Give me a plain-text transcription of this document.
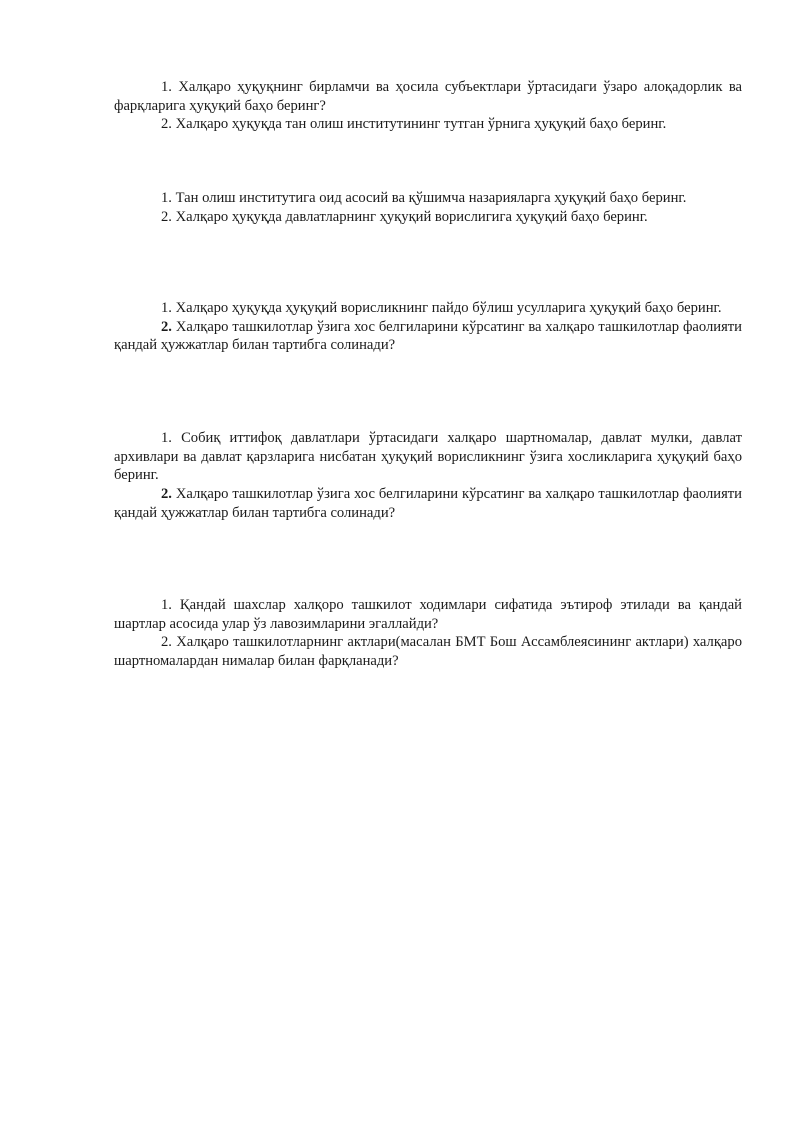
1. Халқаро ҳуқуқнинг бирламчи ва ҳосила субъектлари ўртасидаги ўзаро алоқадорлик ва фарқларига ҳуқуқий баҳо беринг?

2. Халқаро ҳуқуқда тан олиш институтининг тутган ўрнига ҳуқуқий баҳо беринг.

1. Тан олиш институтига оид асосий ва қўшимча назарияларга ҳуқуқий баҳо беринг.

2. Халқаро ҳуқуқда давлатларнинг ҳуқуқий ворислигига ҳуқуқий баҳо беринг.

1. Халқаро ҳуқуқда ҳуқуқий ворисликнинг пайдо бўлиш усулларига ҳуқуқий баҳо беринг.

2. Халқаро ташкилотлар ўзига хос белгиларини кўрсатинг ва халқаро ташкилотлар фаолияти қандай ҳужжатлар билан тартибга солинади?

1. Собиқ иттифоқ давлатлари ўртасидаги халқаро шартномалар, давлат мулки, давлат архивлари ва давлат қарзларига нисбатан ҳуқуқий ворисликнинг ўзига хосликларига ҳуқуқий баҳо беринг.

2. Халқаро ташкилотлар ўзига хос белгиларини кўрсатинг ва халқаро ташкилотлар фаолияти қандай ҳужжатлар билан тартибга солинади?

1. Қандай шахслар халқоро ташкилот ходимлари сифатида эътироф этилади ва қандай шартлар асосида улар ўз лавозимларини эгаллайди?

2. Халқаро ташкилотларнинг актлари(масалан БМТ Бош Ассамблеясининг актлари) халқаро шартномалардан нималар билан фарқланади?
